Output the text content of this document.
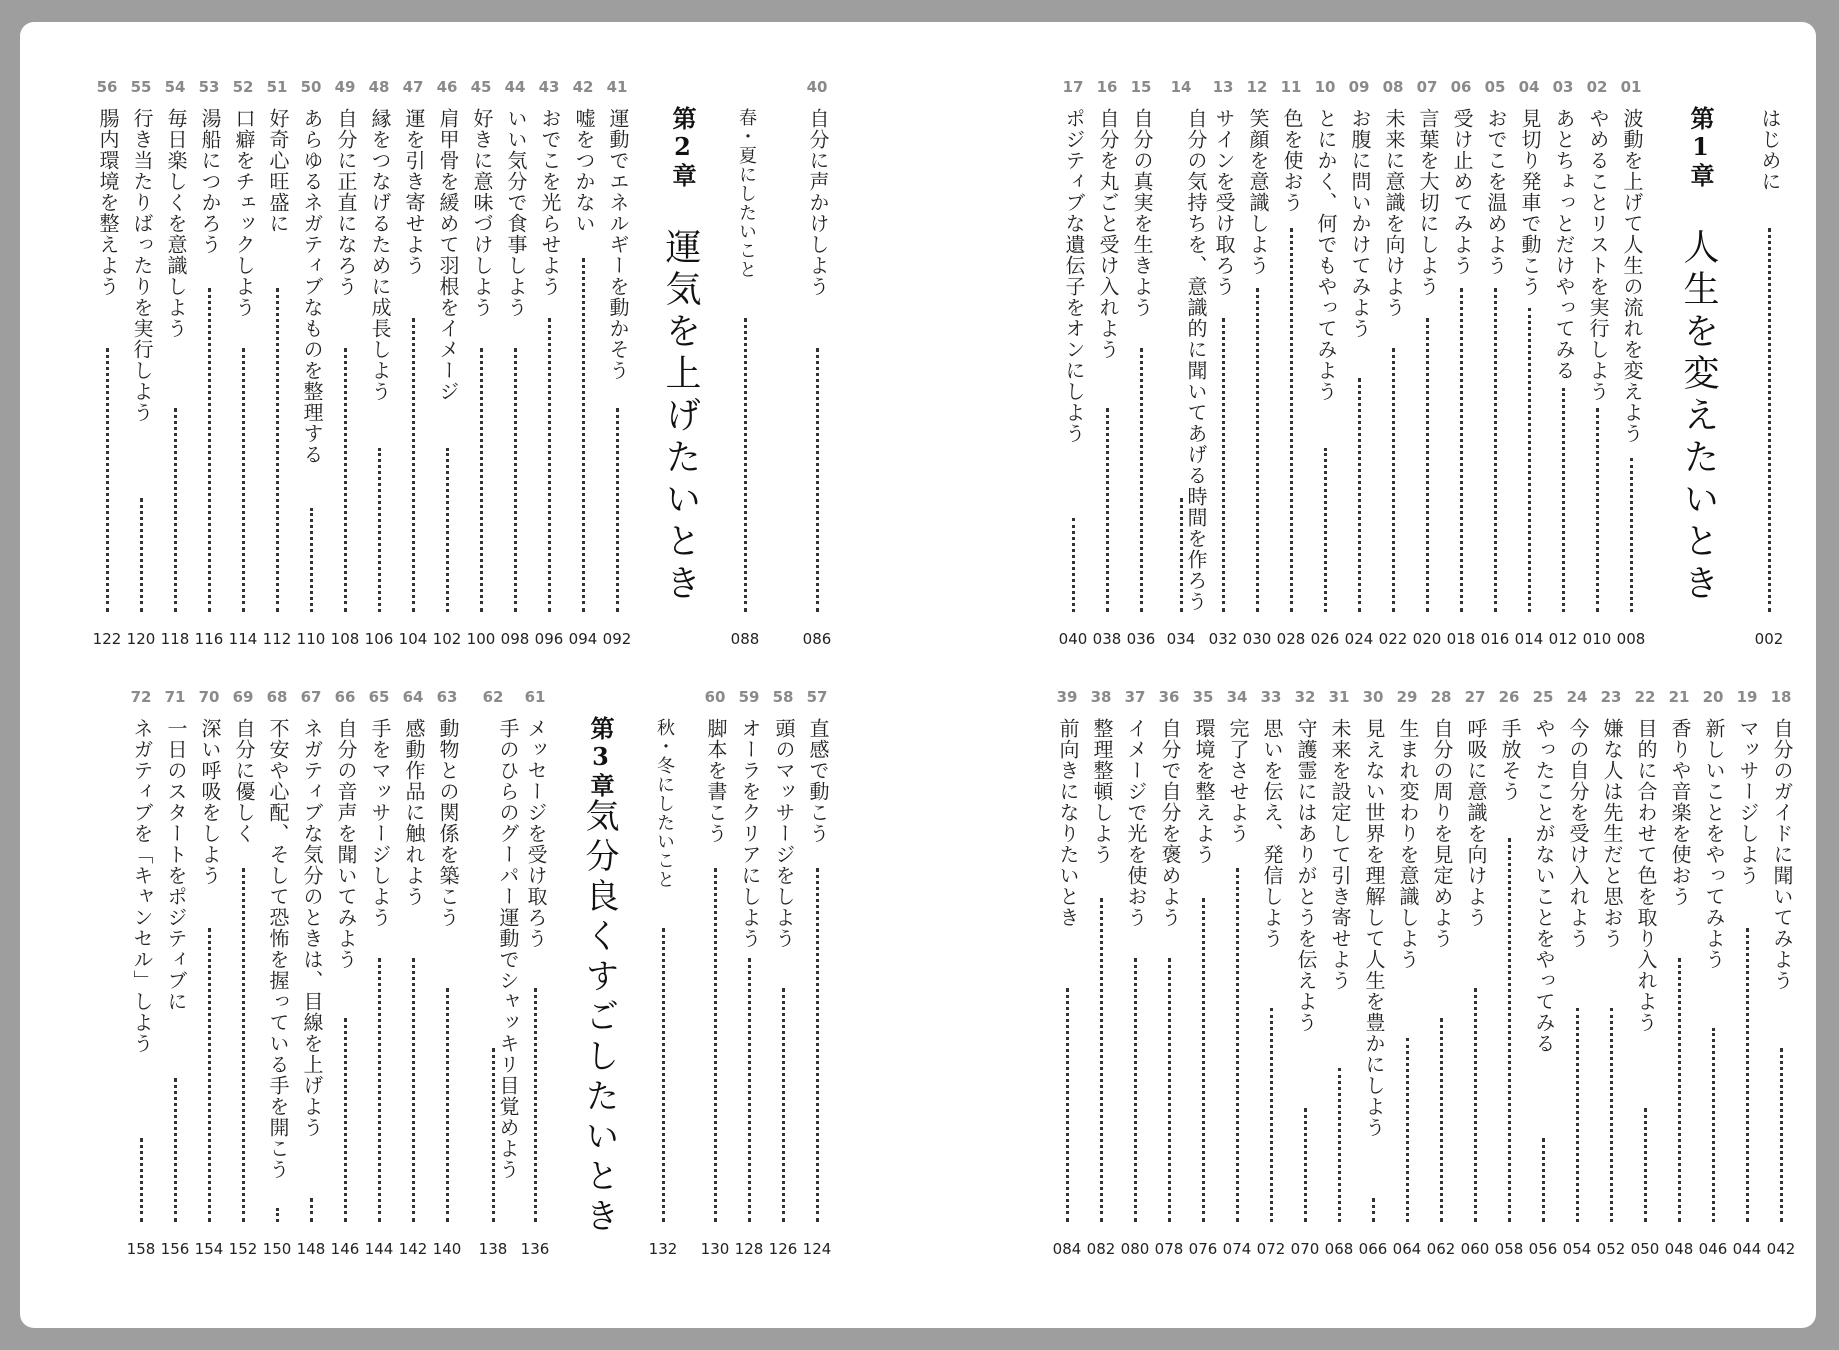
はじめに
002
第1章
人生を変えたいとき
01
波動を上げて人生の流れを変えよう
008
02
やめることリストを実行しよう
010
03
あとちょっとだけやってみる
012
04
見切り発車で動こう
014
05
おでこを温めよう
016
06
受け止めてみよう
018
07
言葉を大切にしよう
020
08
未来に意識を向けよう
022
09
お腹に問いかけてみよう
024
10
とにかく、何でもやってみよう
026
11
色を使おう
028
12
笑顔を意識しよう
030
13
サインを受け取ろう
032
14
自分の気持ちを、意識的に聞いてあげる時間を作ろう
034
15
自分の真実を生きよう
036
16
自分を丸ごと受け入れよう
038
17
ポジティブな遺伝子をオンにしよう
040
18
自分のガイドに聞いてみよう
042
19
マッサージしよう
044
20
新しいことをやってみよう
046
21
香りや音楽を使おう
048
22
目的に合わせて色を取り入れよう
050
23
嫌な人は先生だと思おう
052
24
今の自分を受け入れよう
054
25
やったことがないことをやってみる
056
26
手放そう
058
27
呼吸に意識を向けよう
060
28
自分の周りを見定めよう
062
29
生まれ変わりを意識しよう
064
30
見えない世界を理解して人生を豊かにしよう
066
31
未来を設定して引き寄せよう
068
32
守護霊にはありがとうを伝えよう
070
33
思いを伝え、発信しよう
072
34
完了させよう
074
35
環境を整えよう
076
36
自分で自分を褒めよう
078
37
イメージで光を使おう
080
38
整理整頓しよう
082
39
前向きになりたいとき
084
40
自分に声かけしよう
086
春・夏にしたいこと
088
第2章
運気を上げたいとき
41
運動でエネルギーを動かそう
092
42
嘘をつかない
094
43
おでこを光らせよう
096
44
いい気分で食事しよう
098
45
好きに意味づけしよう
100
46
肩甲骨を緩めて羽根をイメージ
102
47
運を引き寄せよう
104
48
縁をつなげるために成長しよう
106
49
自分に正直になろう
108
50
あらゆるネガティブなものを整理する
110
51
好奇心旺盛に
112
52
口癖をチェックしよう
114
53
湯船につかろう
116
54
毎日楽しくを意識しよう
118
55
行き当たりばったりを実行しよう
120
56
腸内環境を整えよう
122
57
直感で動こう
124
58
頭のマッサージをしよう
126
59
オーラをクリアにしよう
128
60
脚本を書こう
130
秋・冬にしたいこと
132
第3章
気分良くすごしたいとき
61
メッセージを受け取ろう
136
62
手のひらのグーパー運動でシャッキリ目覚めよう
138
63
動物との関係を築こう
140
64
感動作品に触れよう
142
65
手をマッサージしよう
144
66
自分の音声を聞いてみよう
146
67
ネガティブな気分のときは、目線を上げよう
148
68
不安や心配、そして恐怖を握っている手を開こう
150
69
自分に優しく
152
70
深い呼吸をしよう
154
71
一日のスタートをポジティブに
156
72
ネガティブを「キャンセル」しよう
158
